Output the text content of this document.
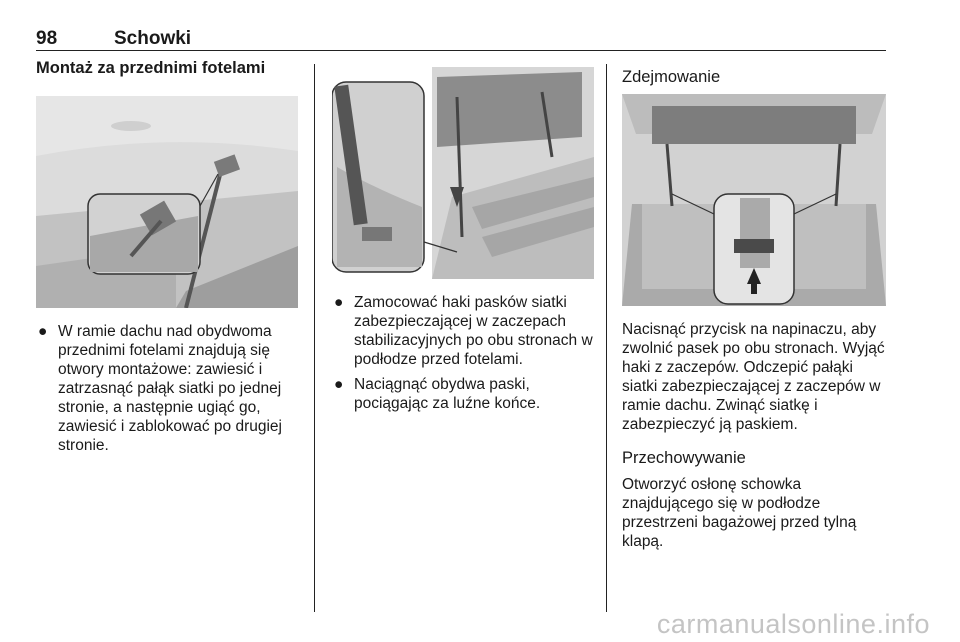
98	Schowki
Montaż za przednimi fotelami
● W ramie dachu nad obydwoma przednimi fotelami znajdują się otwory montażowe: zawiesić i zatrzasnąć pałąk siatki po jednej stronie, a następnie ugiąć go, zawiesić i zablokować po drugiej stronie.
● Zamocować haki pasków siatki zabezpieczającej w zaczepach stabilizacyjnych po obu stronach w podłodze przed fotelami.
● Naciągnąć obydwa paski, pociągając za luźne końce.
Zdejmowanie

Nacisnąć przycisk na napinaczu, aby zwolnić pasek po obu stronach. Wyjąć haki z zaczepów. Odczepić pałąki siatki zabezpieczającej z zaczepów w ramie dachu. Zwinąć siatkę i zabezpieczyć ją paskiem.

Przechowywanie

Otworzyć osłonę schowka znajdującego się w podłodze przestrzeni bagażowej przed tylną klapą.

carmanualsonline.info
